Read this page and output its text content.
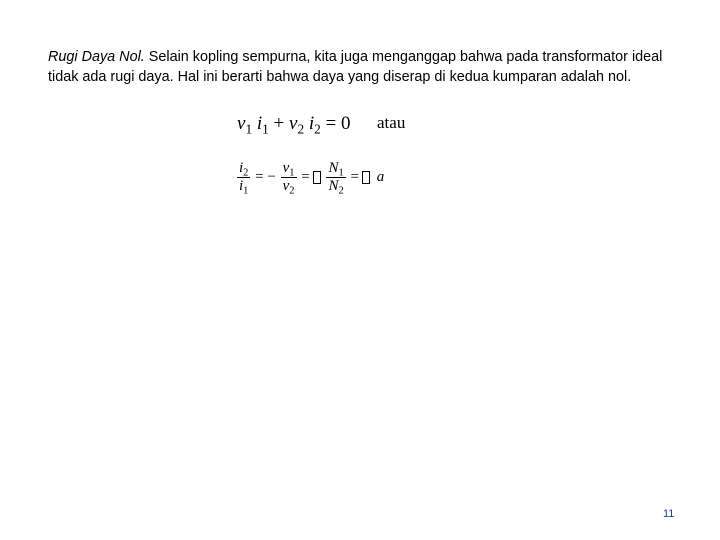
Rugi Daya Nol. Selain kopling sempurna, kita juga menganggap bahwa pada transformator ideal tidak ada rugi daya. Hal ini berarti bahwa daya yang diserap di kedua kumparan adalah nol.

$v_1$ $i_1 + v_2$ $i_2 = 0$ atau
$\frac{i_2}{i_1}$ = − $\frac{v_1}{v_2} = \frac{N_1}{N_2} = a$
11
